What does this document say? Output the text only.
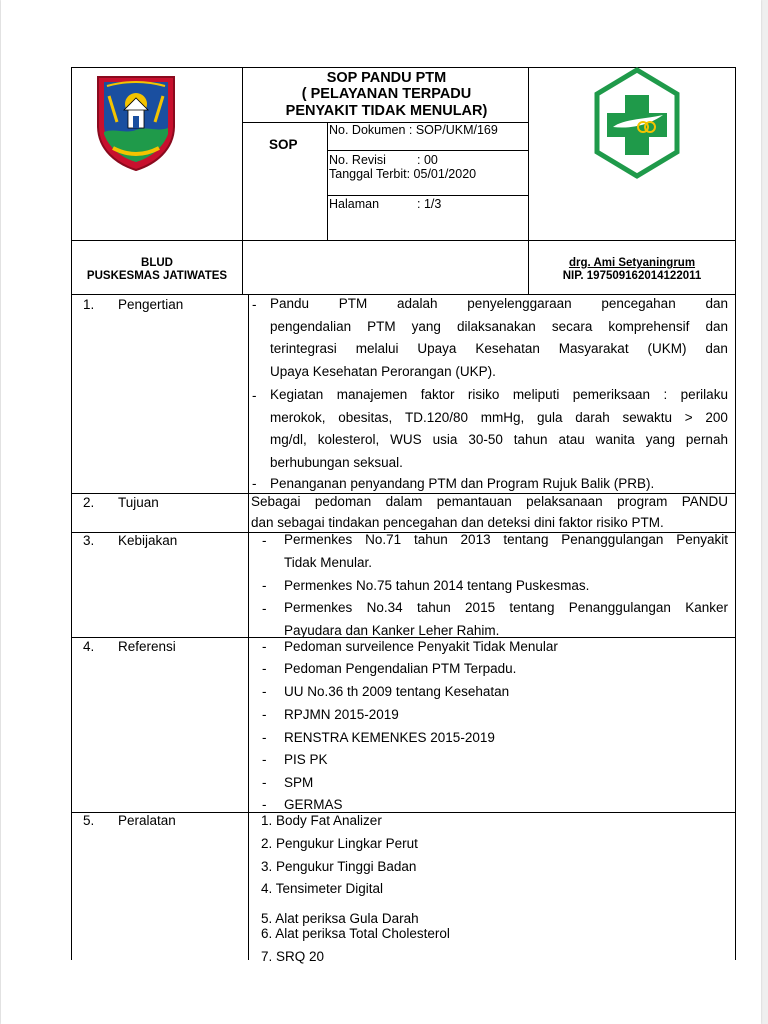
SOP PANDU PTM
( PELAYANAN TERPADU
PENYAKIT TIDAK MENULAR)
SOP
No. Dokumen : SOP/UKM/169
No. Revisi : 00
Tanggal Terbit: 05/01/2020
Halaman	: 1/3
BLUD
PUSKESMAS JATIWATES
drg. Ami Setyaningrum
NIP. 197509162014122011
1. Pengertian	- Pandu PTM adalah penyelenggaraan pencegahan dan
pengendalian PTM yang dilaksanakan secara komprehensif dan
terintegrasi melalui Upaya Kesehatan Masyarakat (UKM) dan
Upaya Kesehatan Perorangan (UKP).
- Kegiatan manajemen faktor risiko meliputi pemeriksaan : perilaku
merokok, obesitas, TD.120/80 mmHg, gula darah sewaktu > 200
mg/dl, kolesterol, WUS usia 30-50 tahun atau wanita yang pernah
berhubungan seksual.
- Penanganan penyandang PTM dan Program Rujuk Balik (PRB).
2. Tujuan	Sebagai pedoman dalam pemantauan pelaksanaan program PANDU
dan sebagai tindakan pencegahan dan deteksi dini faktor risiko PTM.
3. Kebijakan	- Permenkes No.71 tahun 2013 tentang Penanggulangan Penyakit
Tidak Menular.
- Permenkes No.75 tahun 2014 tentang Puskesmas.
- Permenkes No.34 tahun 2015 tentang Penanggulangan Kanker
Payudara dan Kanker Leher Rahim.
4. Referensi	- Pedoman surveilence Penyakit Tidak Menular
- Pedoman Pengendalian PTM Terpadu.
- UU No.36 th 2009 tentang Kesehatan
- RPJMN 2015-2019
- RENSTRA KEMENKES 2015-2019
- PIS PK
- SPM
- GERMAS
5. Peralatan	1. Body Fat Analizer
2. Pengukur Lingkar Perut
3. Pengukur Tinggi Badan
4. Tensimeter Digital
5. Alat periksa Gula Darah
6. Alat periksa Total Cholesterol
7. SRQ 20
